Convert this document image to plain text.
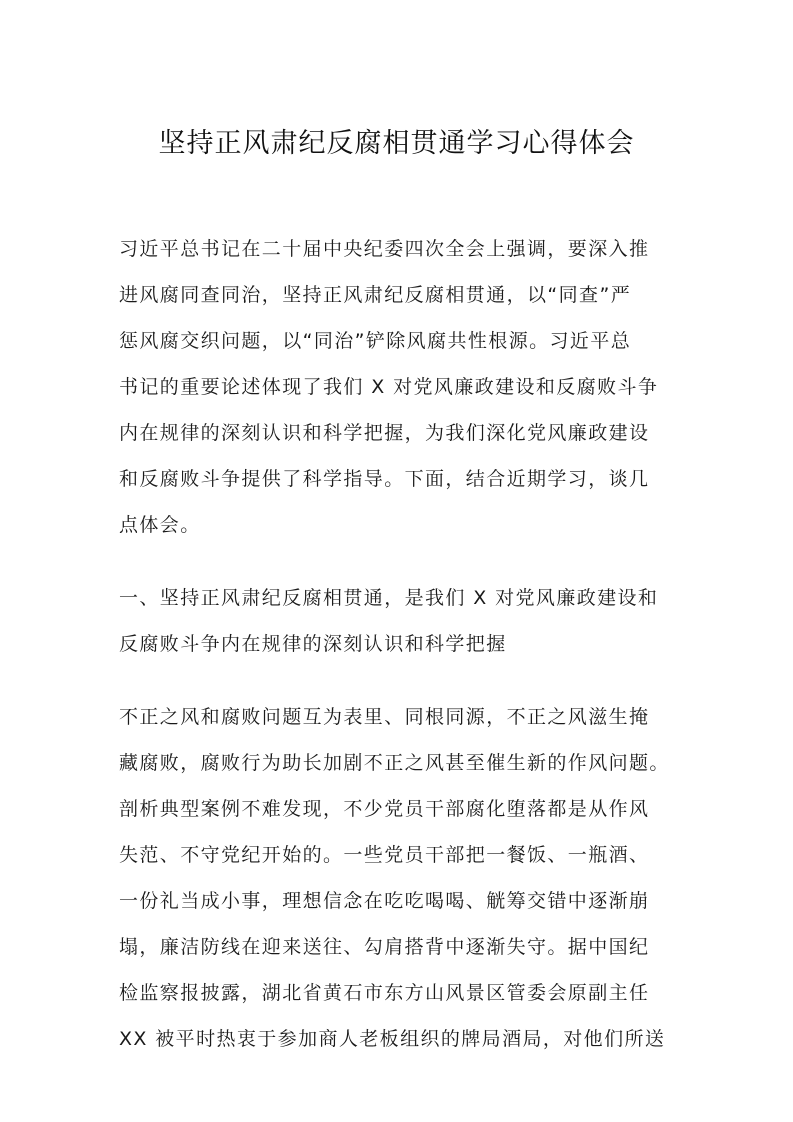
坚持正风肃纪反腐相贯通学习心得体会
习近平总书记在二十届中央纪委四次全会上强调，要深入推
进风腐同查同治，坚持正风肃纪反腐相贯通，以“同查”严
惩风腐交织问题，以“同治”铲除风腐共性根源。习近平总
书记的重要论述体现了我们 X 对党风廉政建设和反腐败斗争
内在规律的深刻认识和科学把握，为我们深化党风廉政建设
和反腐败斗争提供了科学指导。下面，结合近期学习，谈几
点体会。
一、坚持正风肃纪反腐相贯通，是我们 X 对党风廉政建设和
反腐败斗争内在规律的深刻认识和科学把握
不正之风和腐败问题互为表里、同根同源，不正之风滋生掩
藏腐败，腐败行为助长加剧不正之风甚至催生新的作风问题。
剖析典型案例不难发现，不少党员干部腐化堕落都是从作风
失范、不守党纪开始的。一些党员干部把一餐饭、一瓶酒、
一份礼当成小事，理想信念在吃吃喝喝、觥筹交错中逐渐崩
塌，廉洁防线在迎来送往、勾肩搭背中逐渐失守。据中国纪
检监察报披露，湖北省黄石市东方山风景区管委会原副主任
XX 被平时热衷于参加商人老板组织的牌局酒局，对他们所送
